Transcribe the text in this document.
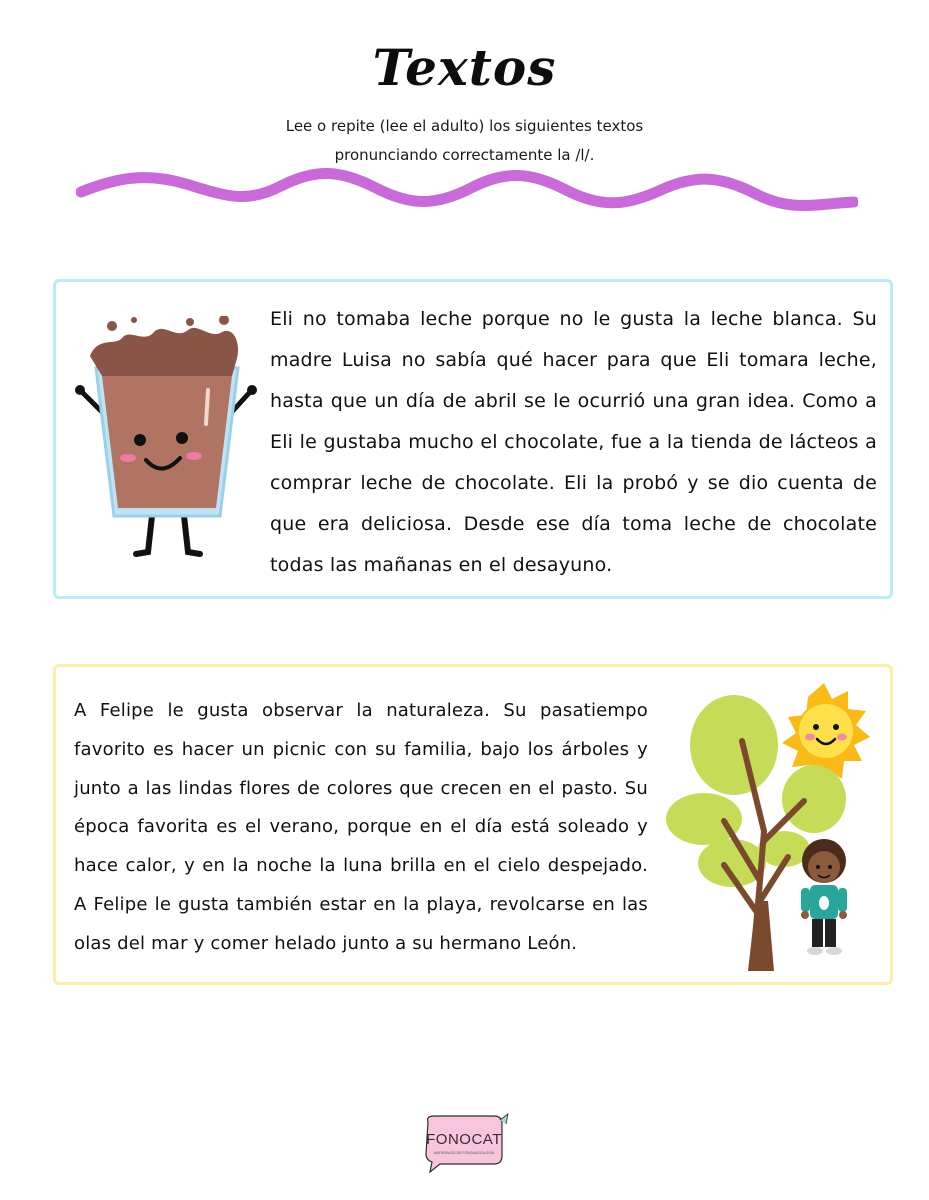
Textos
Lee o repite (lee el adulto) los siguientes textos
pronunciando correctamente la /l/.
Eli no tomaba leche porque no le gusta la leche blanca. Su madre Luisa no sabía qué hacer para que Eli tomara leche, hasta que un día de abril se le ocurrió una gran idea. Como a Eli le gustaba mucho el chocolate, fue a la tienda de lácteos a comprar leche de chocolate. Eli la probó y se dio cuenta de que era deliciosa. Desde ese día toma leche de chocolate todas las mañanas en el desayuno.
A Felipe le gusta observar la naturaleza. Su pasatiempo favorito es hacer un picnic con su familia, bajo los árboles y junto a las lindas flores de colores que crecen en el pasto. Su época favorita es el verano, porque en el día está soleado y hace calor, y en la noche la luna brilla en el cielo despejado. A Felipe le gusta también estar en la playa, revolcarse en las olas del mar y comer helado junto a su hermano León.
FONOCAT
MATERIALES DE FONOAUDIOLOGÍA
